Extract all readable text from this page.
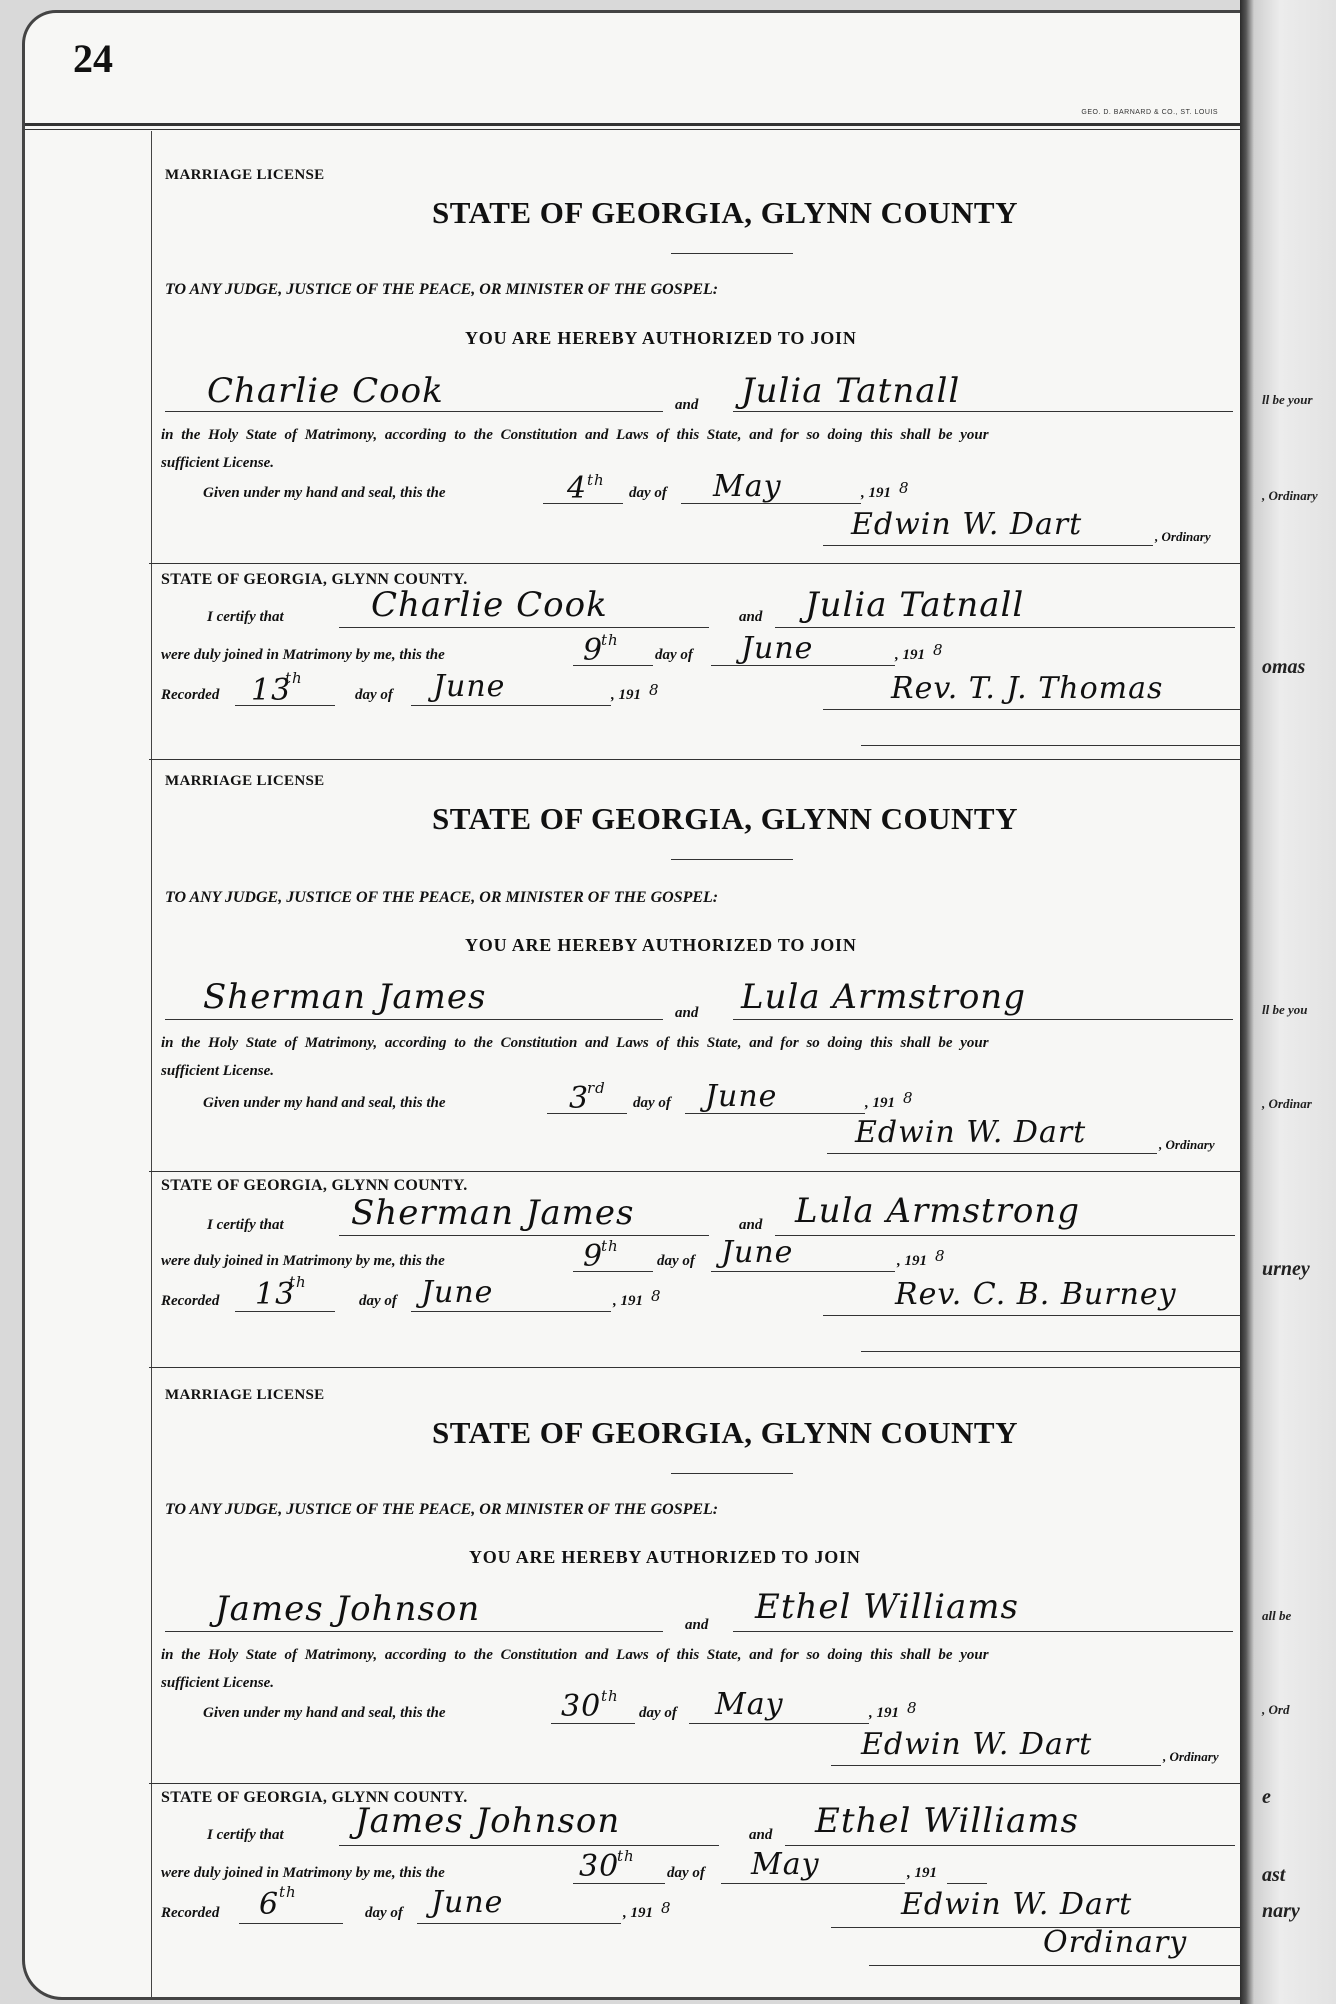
ll be your
, Ordinary
omas
ll be you
, Ordinar
urney
all be
, Ord
e
ast
nary
24
GEO. D. BARNARD & CO., ST. LOUIS
MARRIAGE LICENSE
STATE OF GEORGIA, GLYNN COUNTY
TO ANY JUDGE, JUSTICE OF THE PEACE, OR MINISTER OF THE GOSPEL:
YOU ARE HEREBY AUTHORIZED TO JOIN
Charlie Cook	and Julia Tatnall
in the Holy State of Matrimony, according to the Constitution and Laws of this State, and for so doing this shall be your
sufficient License.
Given under my hand and seal, this the	4 th
day of May	, 191 8
Edwin W. Dart	, Ordinary
STATE OF GEORGIA, GLYNN COUNTY.
I certify that	Charlie Cook	and Julia Tatnall
were duly joined in Matrimony by me, this the	9
th
day of June	, 191 8
Recorded 13
th
day of June	, 191 8	Rev. T. J. Thomas
MARRIAGE LICENSE
STATE OF GEORGIA, GLYNN COUNTY
TO ANY JUDGE, JUSTICE OF THE PEACE, OR MINISTER OF THE GOSPEL:
YOU ARE HEREBY AUTHORIZED TO JOIN
Sherman James	and Lula Armstrong
in the Holy State of Matrimony, according to the Constitution and Laws of this State, and for so doing this shall be your
sufficient License.
Given under my hand and seal, this the	3
rd
day of June	, 191 8
Edwin W. Dart	, Ordinary
STATE OF GEORGIA, GLYNN COUNTY.
I certify that Sherman James	and Lula Armstrong
were duly joined in Matrimony by me, this the	9
th
day of June	, 191 8
Recorded 13
th
day of June	, 191 8	Rev. C. B. Burney
MARRIAGE LICENSE
STATE OF GEORGIA, GLYNN COUNTY
TO ANY JUDGE, JUSTICE OF THE PEACE, OR MINISTER OF THE GOSPEL:
YOU ARE HEREBY AUTHORIZED TO JOIN
James Johnson	and Ethel Williams
in the Holy State of Matrimony, according to the Constitution and Laws of this State, and for so doing this shall be your
sufficient License.
Given under my hand and seal, this the	30 th
day of May	, 191 8
Edwin W. Dart	, Ordinary
STATE OF GEORGIA, GLYNN COUNTY.
I certify that James Johnson	and Ethel Williams
were duly joined in Matrimony by me, this the	30
th
day of May	, 191
Recorded 6 th
day of June	, 191 8	Edwin W. Dart
Ordinary
